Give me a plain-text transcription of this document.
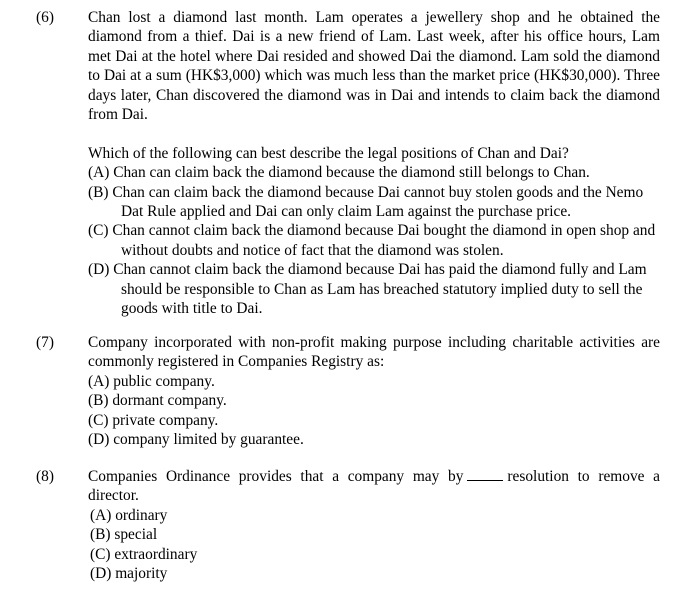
(6) Chan lost a diamond last month. Lam operates a jewellery shop and he obtained the diamond from a thief. Dai is a new friend of Lam. Last week, after his office hours, Lam met Dai at the hotel where Dai resided and showed Dai the diamond. Lam sold the diamond to Dai at a sum (HK$3,000) which was much less than the market price (HK$30,000). Three days later, Chan discovered the diamond was in Dai and intends to claim back the diamond from Dai.

Which of the following can best describe the legal positions of Chan and Dai?

(A) Chan can claim back the diamond because the diamond still belongs to Chan.

(B) Chan can claim back the diamond because Dai cannot buy stolen goods and the Nemo Dat Rule applied and Dai can only claim Lam against the purchase price.

(C) Chan cannot claim back the diamond because Dai bought the diamond in open shop and without doubts and notice of fact that the diamond was stolen.

(D) Chan cannot claim back the diamond because Dai has paid the diamond fully and Lam should be responsible to Chan as Lam has breached statutory implied duty to sell the goods with title to Dai.

(7) Company incorporated with non-profit making purpose including charitable activities are commonly registered in Companies Registry as:

(A) public company.

(B) dormant company.

(C) private company.

(D) company limited by guarantee.

(8) Companies Ordinance provides that a company may by	resolution to remove a director.

(A) ordinary

(B) special

(C) extraordinary

(D) majority
